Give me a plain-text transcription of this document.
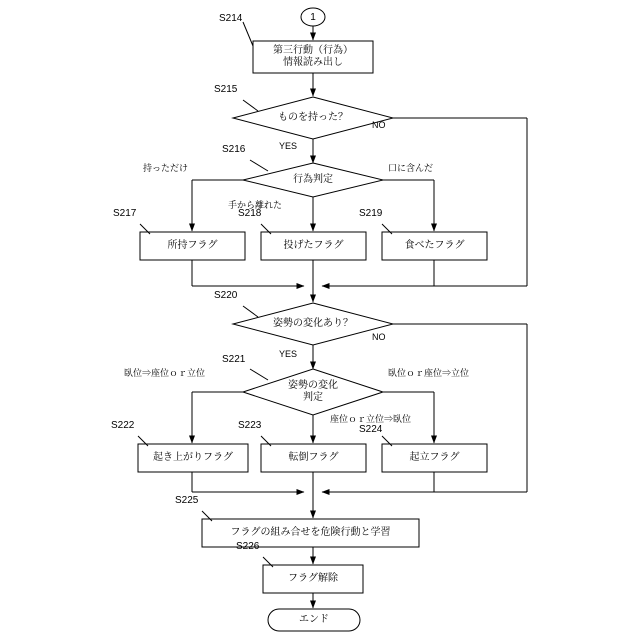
1
第三行動（行為）
情報読み出し
ものを持った？
行為判定
所持フラグ	投げたフラグ	食べたフラグ
姿勢の変化あり？
姿勢の変化
判定
起き上がりフラグ	転倒フラグ	起立フラグ
フラグの組み合せを危険行動と学習
フラグ解除
エンド
S214
S215
S216
S217	S218	S219
S220
S221
S222	S223	S224
S225
S226
NO
YES
持っただけ
手から離れた
口に含んだ
NO
YES
臥位⇒座位ｏｒ立位
座位ｏｒ立位⇒臥位
臥位ｏｒ座位⇒立位
